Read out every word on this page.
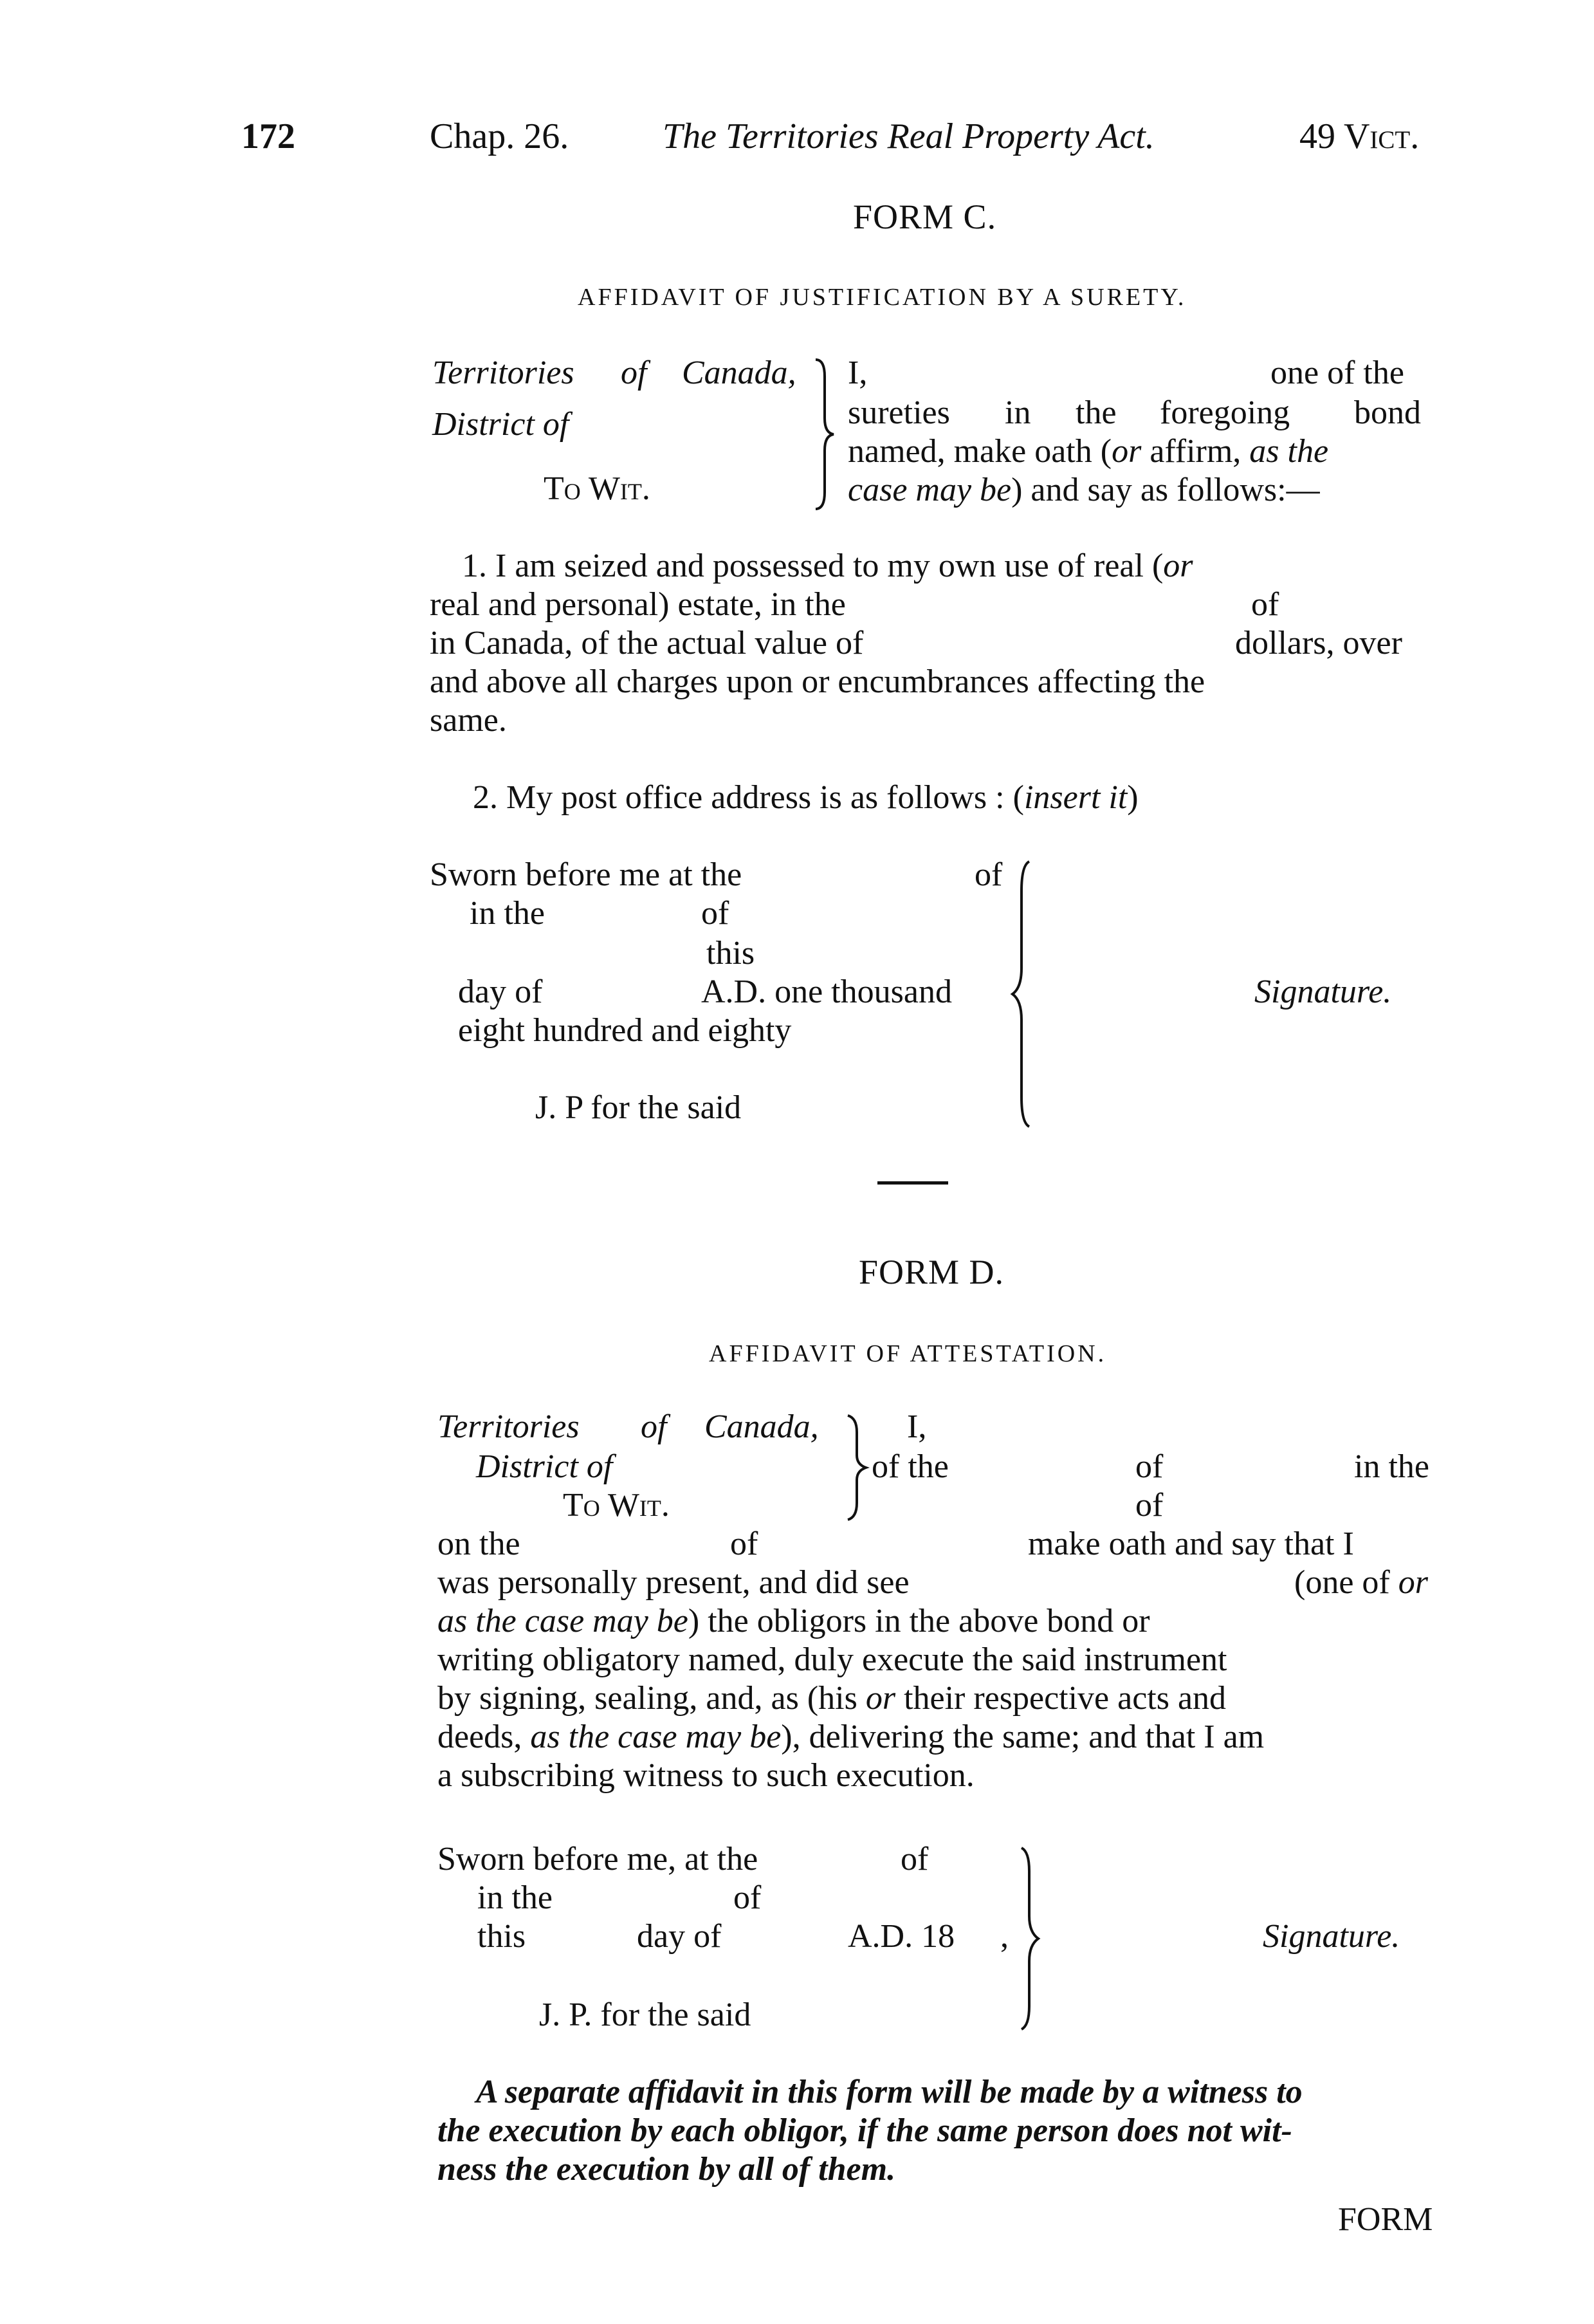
172	Chap. 26.	The Territories Real Property Act.	49 Vict.
FORM C.
AFFIDAVIT OF JUSTIFICATION BY A SURETY.
Territories of Canada,
District of
To Wit.
I,	one of the
sureties in the foregoing bond
named, make oath (or affirm, as the
case may be) and say as follows:—
1. I am seized and possessed to my own use of real (or
real and personal) estate, in the	of
in Canada, of the actual value of	dollars, over
and above all charges upon or encumbrances affecting the
same.
2. My post office address is as follows : (insert it)
Sworn before me at the	of
in the	of
this
day of	A.D. one thousand
eight hundred and eighty
J. P for the said
Signature.
FORM D.
AFFIDAVIT OF ATTESTATION.
Territories of Canada,
District of
To Wit.
I,
of the	of	in the
of
on the	of	make oath and say that I
was personally present, and did see	(one of or
as the case may be) the obligors in the above bond or
writing obligatory named, duly execute the said instrument
by signing, sealing, and, as (his or their respective acts and
deeds, as the case may be), delivering the same; and that I am
a subscribing witness to such execution.
Sworn before me, at the	of
in the	of
this	day of	A.D. 18 ,
J. P. for the said
Signature.
A separate affidavit in this form will be made by a witness to
the execution by each obligor, if the same person does not wit-
ness the execution by all of them.
FORM
